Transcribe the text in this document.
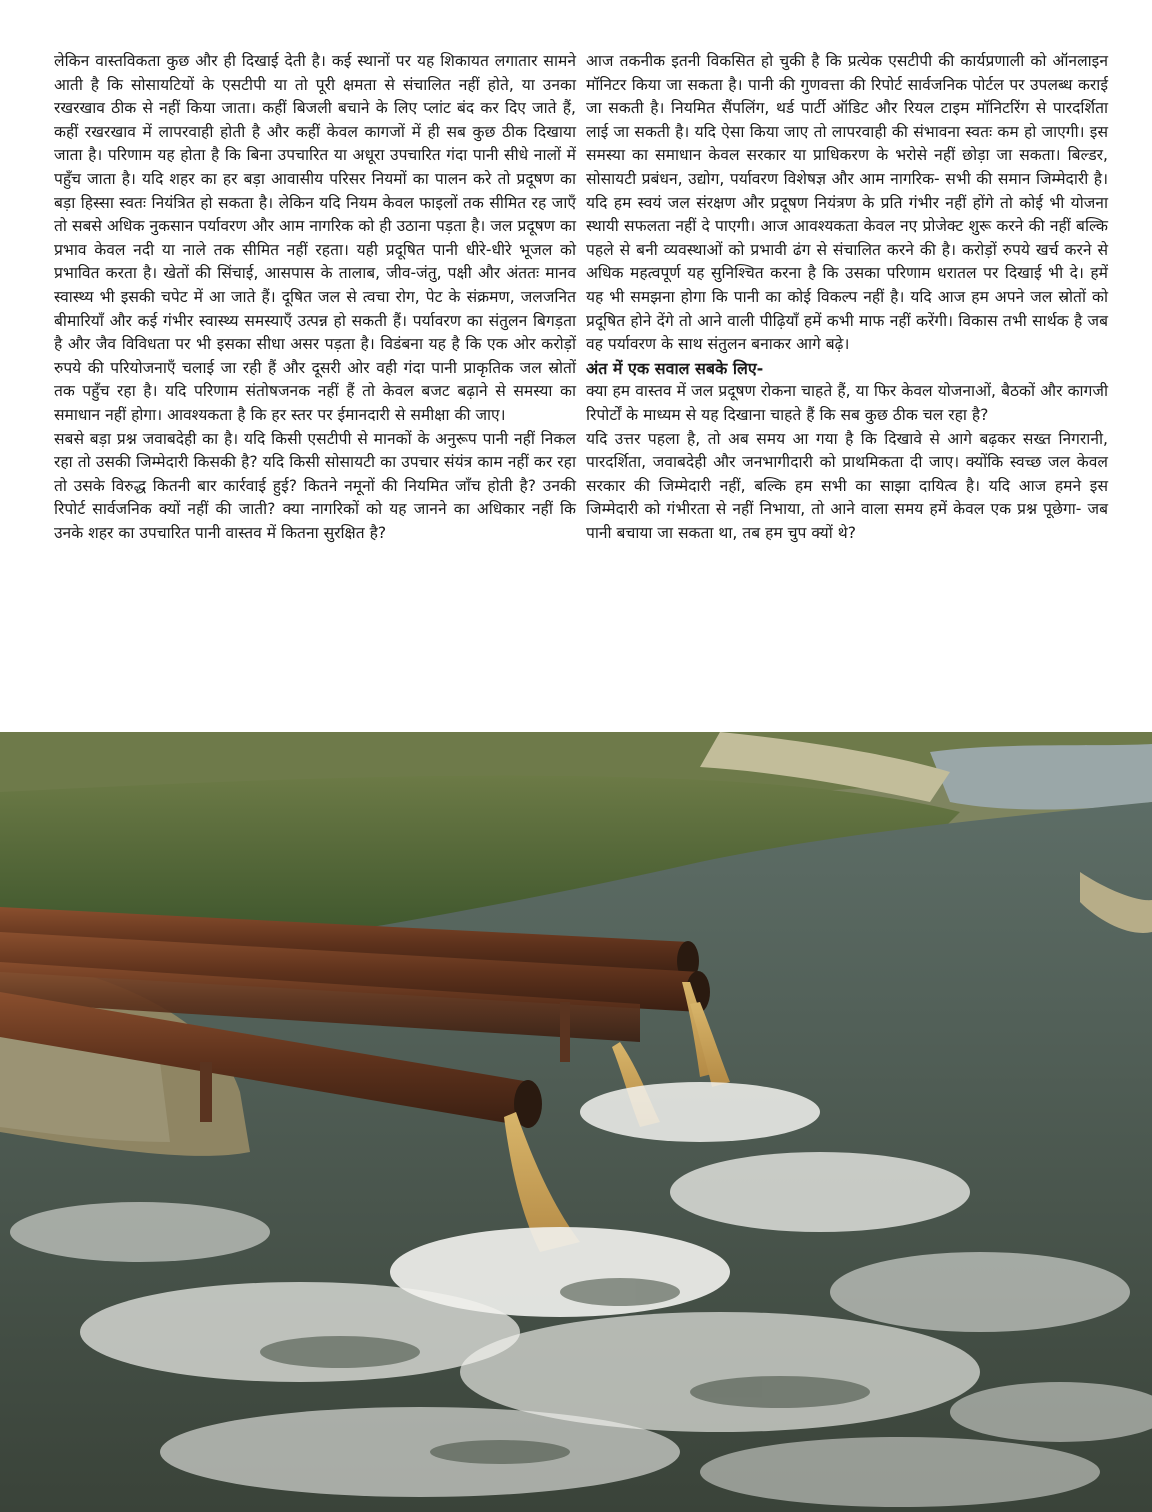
लेकिन वास्तविकता कुछ और ही दिखाई देती है। कई स्थानों पर यह शिकायत लगातार सामने आती है कि सोसायटियों के एसटीपी या तो पूरी क्षमता से संचालित नहीं होते, या उनका रखरखाव ठीक से नहीं किया जाता। कहीं बिजली बचाने के लिए प्लांट बंद कर दिए जाते हैं, कहीं रखरखाव में लापरवाही होती है और कहीं केवल कागजों में ही सब कुछ ठीक दिखाया जाता है। परिणाम यह होता है कि बिना उपचारित या अधूरा उपचारित गंदा पानी सीधे नालों में पहुँच जाता है। यदि शहर का हर बड़ा आवासीय परिसर नियमों का पालन करे तो प्रदूषण का बड़ा हिस्सा स्वतः नियंत्रित हो सकता है। लेकिन यदि नियम केवल फाइलों तक सीमित रह जाएँ तो सबसे अधिक नुकसान पर्यावरण और आम नागरिक को ही उठाना पड़ता है। जल प्रदूषण का प्रभाव केवल नदी या नाले तक सीमित नहीं रहता। यही प्रदूषित पानी धीरे-धीरे भूजल को प्रभावित करता है। खेतों की सिंचाई, आसपास के तालाब, जीव-जंतु, पक्षी और अंततः मानव स्वास्थ्य भी इसकी चपेट में आ जाते हैं। दूषित जल से त्वचा रोग, पेट के संक्रमण, जलजनित बीमारियाँ और कई गंभीर स्वास्थ्य समस्याएँ उत्पन्न हो सकती हैं। पर्यावरण का संतुलन बिगड़ता है और जैव विविधता पर भी इसका सीधा असर पड़ता है। विडंबना यह है कि एक ओर करोड़ों रुपये की परियोजनाएँ चलाई जा रही हैं और दूसरी ओर वही गंदा पानी प्राकृतिक जल स्रोतों तक पहुँच रहा है। यदि परिणाम संतोषजनक नहीं हैं तो केवल बजट बढ़ाने से समस्या का समाधान नहीं होगा। आवश्यकता है कि हर स्तर पर ईमानदारी से समीक्षा की जाए।

सबसे बड़ा प्रश्न जवाबदेही का है। यदि किसी एसटीपी से मानकों के अनुरूप पानी नहीं निकल रहा तो उसकी जिम्मेदारी किसकी है? यदि किसी सोसायटी का उपचार संयंत्र काम नहीं कर रहा तो उसके विरुद्ध कितनी बार कार्रवाई हुई? कितने नमूनों की नियमित जाँच होती है? उनकी रिपोर्ट सार्वजनिक क्यों नहीं की जाती? क्या नागरिकों को यह जानने का अधिकार नहीं कि उनके शहर का उपचारित पानी वास्तव में कितना सुरक्षित है?

आज तकनीक इतनी विकसित हो चुकी है कि प्रत्येक एसटीपी की कार्यप्रणाली को ऑनलाइन मॉनिटर किया जा सकता है। पानी की गुणवत्ता की रिपोर्ट सार्वजनिक पोर्टल पर उपलब्ध कराई जा सकती है। नियमित सैंपलिंग, थर्ड पार्टी ऑडिट और रियल टाइम मॉनिटरिंग से पारदर्शिता लाई जा सकती है। यदि ऐसा किया जाए तो लापरवाही की संभावना स्वतः कम हो जाएगी। इस समस्या का समाधान केवल सरकार या प्राधिकरण के भरोसे नहीं छोड़ा जा सकता। बिल्डर, सोसायटी प्रबंधन, उद्योग, पर्यावरण विशेषज्ञ और आम नागरिक- सभी की समान जिम्मेदारी है। यदि हम स्वयं जल संरक्षण और प्रदूषण नियंत्रण के प्रति गंभीर नहीं होंगे तो कोई भी योजना स्थायी सफलता नहीं दे पाएगी। आज आवश्यकता केवल नए प्रोजेक्ट शुरू करने की नहीं बल्कि पहले से बनी व्यवस्थाओं को प्रभावी ढंग से संचालित करने की है। करोड़ों रुपये खर्च करने से अधिक महत्वपूर्ण यह सुनिश्चित करना है कि उसका परिणाम धरातल पर दिखाई भी दे। हमें यह भी समझना होगा कि पानी का कोई विकल्प नहीं है। यदि आज हम अपने जल स्रोतों को प्रदूषित होने देंगे तो आने वाली पीढ़ियाँ हमें कभी माफ नहीं करेंगी। विकास तभी सार्थक है जब वह पर्यावरण के साथ संतुलन बनाकर आगे बढ़े।

अंत में एक सवाल सबके लिए-

क्या हम वास्तव में जल प्रदूषण रोकना चाहते हैं, या फिर केवल योजनाओं, बैठकों और कागजी रिपोर्टों के माध्यम से यह दिखाना चाहते हैं कि सब कुछ ठीक चल रहा है?

यदि उत्तर पहला है, तो अब समय आ गया है कि दिखावे से आगे बढ़कर सख्त निगरानी, पारदर्शिता, जवाबदेही और जनभागीदारी को प्राथमिकता दी जाए। क्योंकि स्वच्छ जल केवल सरकार की जिम्मेदारी नहीं, बल्कि हम सभी का साझा दायित्व है। यदि आज हमने इस जिम्मेदारी को गंभीरता से नहीं निभाया, तो आने वाला समय हमें केवल एक प्रश्न पूछेगा- जब पानी बचाया जा सकता था, तब हम चुप क्यों थे?
